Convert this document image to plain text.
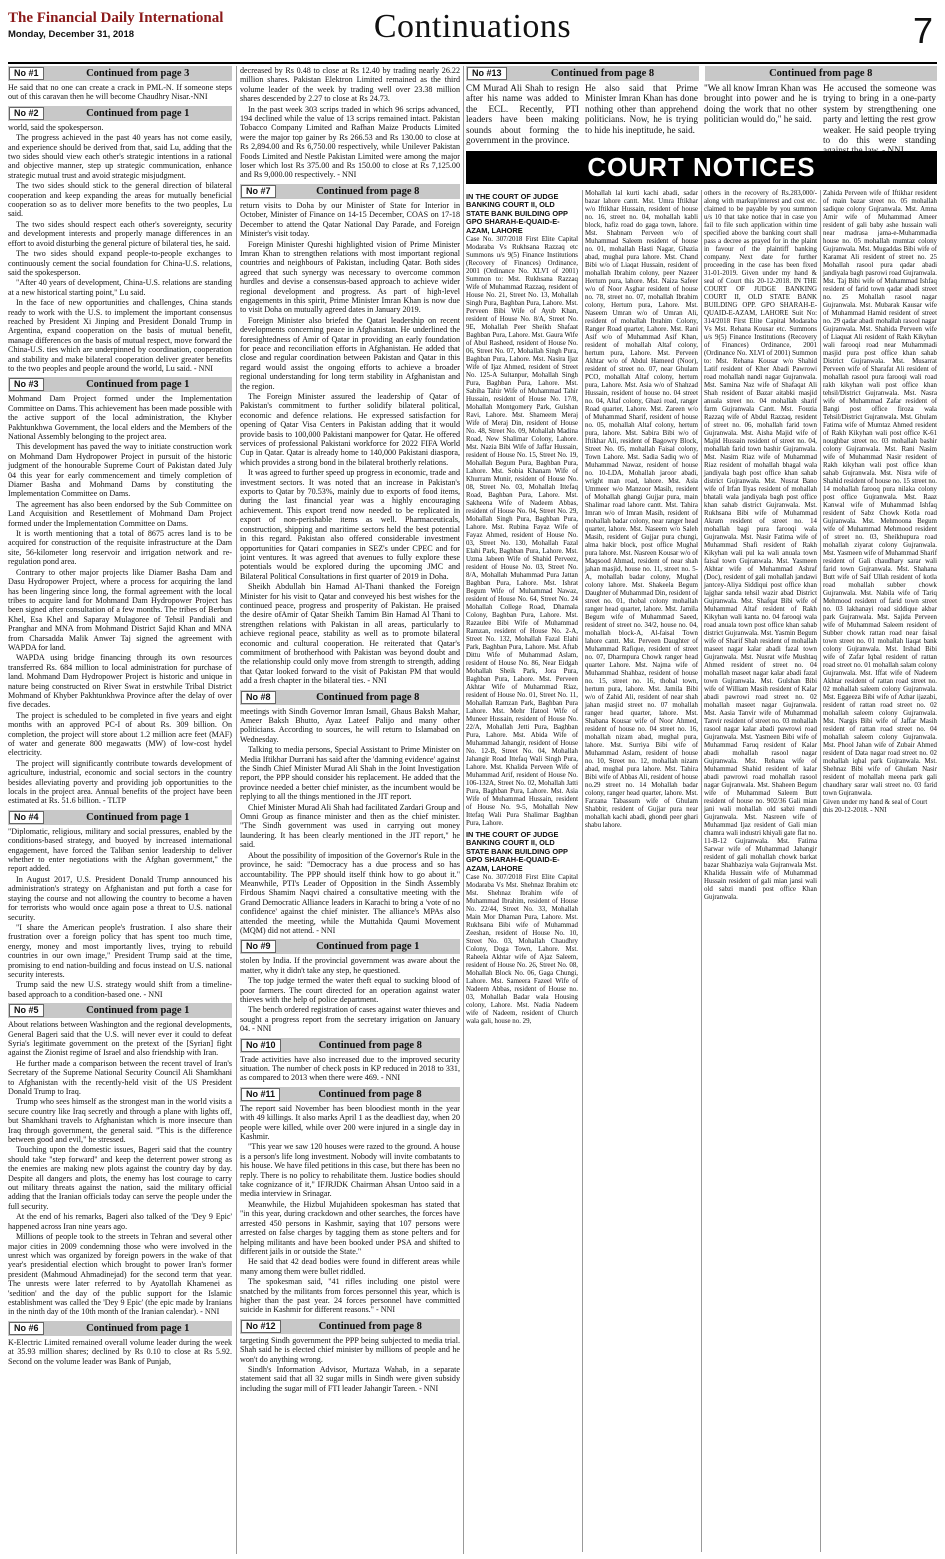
The Financial Daily International
Monday, December 31, 2018	Continuations	7
No #1	Continued from page 3

He said that no one can create a crack in PML-N. If someone steps out of this caravan then he will become Chaudhry Nisar.-NNI

No #2	Continued from page 1

world, said the spokesperson.

The progress achieved in the past 40 years has not come easily, and experience should be derived from that, said Lu, adding that the two sides should view each other's strategic intentions in a rational and objective manner, step up strategic communication, enhance strategic mutual trust and avoid strategic misjudgment.

The two sides should stick to the general direction of bilateral cooperation and keep expanding the areas for mutually beneficial cooperation so as to deliver more benefits to the two peoples, Lu said.

The two sides should respect each other's sovereignty, security and development interests and properly manage differences in an effort to avoid disturbing the general picture of bilateral ties, he said.

The two sides should expand people-to-people exchanges to continuously cement the social foundation for China-U.S. relations, said the spokesperson.

"After 40 years of development, China-U.S. relations are standing at a new historical starting point," Lu said.

In the face of new opportunities and challenges, China stands ready to work with the U.S. to implement the important consensus reached by President Xi Jinping and President Donald Trump in Argentina, expand cooperation on the basis of mutual benefit, manage differences on the basis of mutual respect, move forward the China-U.S. ties which are underpinned by coordination, cooperation and stability and make bilateral cooperation deliver greater benefits to the two peoples and people around the world, Lu said. - NNI

No #3	Continued from page 1

Mohmand Dam Project formed under the Implementation Committee on Dams. This achievement has been made possible with the active support of the local administration, the Khyber Pakhtunkhwa Government, the local elders and the Members of the National Assembly belonging to the project area.

This development has paved the way to initiate construction work on Mohmand Dam Hydropower Project in pursuit of the historic judgment of the honourable Supreme Court of Pakistan dated July 04 this year for early commencement and timely completion of Diamer Basha and Mohmand Dams by constituting the Implementation Committee on Dams.

The agreement has also been endorsed by the Sub Committee on Land Acquisition and Resettlement of Mohmand Dam Project formed under the Implementation Committee on Dams.

It is worth mentioning that a total of 8675 acres land is to be acquired for construction of the requisite infrastructure at the Dam site, 56-kilometer long reservoir and irrigation network and re-regulation pond area.

Contrary to other major projects like Diamer Basha Dam and Dasu Hydropower Project, where a process for acquiring the land has been lingering since long, the formal agreement with the local tribes to acquire land for Mohmand Dam Hydropower Project has been signed after consultation of a few months. The tribes of Berbun Khel, Esa Khel and Saparay Mulagoree of Tehsil Pandiali and Pranghar and MNA from Mohmand District Sajid Khan and MNA from Charsadda Malik Anwer Taj signed the agreement with WAPDA for land.

WAPDA using bridge financing through its own resources transferred Rs. 684 million to local administration for purchase of land. Mohmand Dam Hydropower Project is historic and unique in nature being constructed on River Swat in erstwhile Tribal District Mohmand of Khyber Pakhtunkhwa Province after the delay of over five decades.

The project is scheduled to be completed in five years and eight months with an approved PC-I of about Rs. 309 billion. On completion, the project will store about 1.2 million acre feet (MAF) of water and generate 800 megawatts (MW) of low-cost hydel electricity.

The project will significantly contribute towards development of agriculture, industrial, economic and social sectors in the country besides alleviating poverty and providing job opportunities to the locals in the project area. Annual benefits of the project have been estimated at Rs. 51.6 billion. - TLTP

No #4	Continued from page 1

"Diplomatic, religious, military and social pressures, enabled by the conditions-based strategy, and buoyed by increased international engagement, have forced the Taliban senior leadership to deliver whether to enter negotiations with the Afghan government," the report added.

In August 2017, U.S. President Donald Trump announced his administration's strategy on Afghanistan and put forth a case for staying the course and not allowing the country to become a haven for terrorists who would once again pose a threat to U.S. national security.

"I share the American people's frustration. I also share their frustration over a foreign policy that has spent too much time, energy, money and most importantly lives, trying to rebuild countries in our own image," President Trump said at the time, promising to end nation-building and focus instead on U.S. national security interests.

Trump said the new U.S. strategy would shift from a timeline-based approach to a condition-based one. - NNI

No #5	Continued from page 1

About relations between Washington and the regional developments, General Bageri said that the U.S. will never ever it could to defeat Syria's legitimate government on the pretext of the [Syrian] fight against the Zionist regime of Israel and also friendship with Iran.

He further made a comparison between the recent travel of Iran's Secretary of the Supreme National Security Council Ali Shamkhani to Afghanistan with the recently-held visit of the US President Donald Trump to Iraq.

Trump who sees himself as the strongest man in the world visits a secure country like Iraq secretly and through a plane with lights off, but Shamkhani travels to Afghanistan which is more insecure than Iraq through government, the general said. "This is the difference between good and evil," he stressed.

Touching upon the domestic issues, Bageri said that the country should take "step forward" and keep the deterrent power strong as the enemies are making new plots against the country day by day. Despite all dangers and plots, the enemy has lost courage to carry out military threats against the nation, said the military official adding that the Iranian officials today can serve the people under the full security.

At the end of his remarks, Bageri also talked of the 'Dey 9 Epic' happened across Iran nine years ago.

Millions of people took to the streets in Tehran and several other major cities in 2009 condemning those who were involved in the unrest which was organized by foreign powers in the wake of that year's presidential election which brought to power Iran's former president (Mahmoud Ahmadinejad) for the second term that year. The unrests were later referred to by Ayatollah Khamenei as 'sedition' and the day of the public support for the Islamic establishment was called the 'Dey 9 Epic' (the epic made by Iranians in the ninth day of the 10th month of the Iranian calendar). - NNI

No #6	Continued from page 1

K-Electric Limited remained overall volume leader during the week at 35.93 million shares; declined by Rs 0.10 to close at Rs 5.92. Second on the volume leader was Bank of Punjab,

decreased by Rs 0.48 to close at Rs 12.40 by trading nearly 26.22 million shares. Pakistan Elektron Limited remained as the third volume leader of the week by trading well over 23.38 million shares descended by 2.27 to close at Rs 24.73.

In the past week 303 scrips traded in which 96 scrips advanced, 194 declined while the value of 13 scrips remained intact. Pakistan Tobacco Company Limited and Rafhan Maize Products Limited were the major top gainer by Rs 266.53 and Rs 130.00 to close at Rs 2,894.00 and Rs 6,750.00 respectively, while Unilever Pakistan Foods Limited and Nestle Pakistan Limited were among the major loser which lost Rs 375.00 and Rs 150.00 to close at Rs 7,125.00 and Rs 9,000.00 respectively. - NNI

No #7	Continued from page 8

return visits to Doha by our Minister of State for Interior in October, Minister of Finance on 14-15 December, COAS on 17-18 December to attend the Qatar National Day Parade, and Foreign Minister's visit today.

Foreign Minister Qureshi highlighted vision of Prime Minister Imran Khan to strengthen relations with most important regional countries and neighbours of Pakistan, including Qatar. Both sides agreed that such synergy was necessary to overcome common hurdles and devise a consensus-based approach to achieve wider regional development and progress. As part of high-level engagements in this spirit, Prime Minister Imran Khan is now due to visit Doha on mutually agreed dates in January 2019.

Foreign Minister also briefed the Qatari leadership on recent developments concerning peace in Afghanistan. He underlined the foresightedness of Amir of Qatar in providing an early foundation for peace and reconciliation efforts in Afghanistan. He added that close and regular coordination between Pakistan and Qatar in this regard would assist the ongoing efforts to achieve a broader regional understanding for long term stability in Afghanistan and the region.

The Foreign Minister assured the leadership of Qatar of Pakistan's commitment to further solidify bilateral political, economic and defence relations. He expressed satisfaction for opening of Qatar Visa Centers in Pakistan adding that it would provide basis to 100,000 Pakistani manpower for Qatar. He offered services of professional Pakistani workforce for 2022 FIFA World Cup in Qatar. Qatar is already home to 140,000 Pakistani diaspora, which provides a strong bond in the bilateral brotherly relations.

It was agreed to further speed up progress in economic, trade and investment sectors. It was noted that an increase in Pakistan's exports to Qatar by 70.53%, mainly due to exports of food items, during the last financial year was a highly encouraging achievement. This export trend now needed to be replicated in export of non-perishable items as well. Pharmaceuticals, construction, shipping and maritime sectors held the best potential in this regard. Pakistan also offered considerable investment opportunities for Qatari companies in SEZ's under CPEC and for joint ventures. It was agreed that avenues to fully explore these potentials would be explored during the upcoming JMC and Bilateral Political Consultations in first quarter of 2019 in Doha.

Sheikh Abdullah bin Hamad Al-Thani thanked the Foreign Minister for his visit to Qatar and conveyed his best wishes for the continued peace, progress and prosperity of Pakistan. He praised the desire ofAmir of Qatar Sheikh Tamim Bin Hamad Al Thani to strengthen relations with Pakistan in all areas, particularly to achieve regional peace, stability as well as to promote bilateral economic and cultural cooperation. He reiterated that Qatar's commitment of brotherhood with Pakistan was beyond doubt and the relationship could only move from strength to strength, adding that Qatar looked forward to the visit of Pakistan PM that would add a fresh chapter in the bilateral ties. - NNI

No #8	Continued from page 8

meetings with Sindh Governor Imran Ismail, Ghaus Baksh Mahar, Ameer Baksh Bhutto, Ayaz Lateef Palijo and many other politicians. According to sources, he will return to Islamabad on Wednesday.

Talking to media persons, Special Assistant to Prime Minister on Media Iftikhar Durrani has said after the 'damning evidence' against the Sindh Chief Minister Murad Ali Shah in the Joint Investigation report, the PPP should consider his replacement. He added that the province needed a better chief minister, as the incumbent would be replying to all the things mentioned in the JIT report.

Chief Minister Murad Ali Shah had facilitated Zardari Group and Omni Group as finance minister and then as the chief minister. "The Sindh government was used in carrying out money laundering. It has been clearly mentioned in the JIT report," he said.

About the possibility of imposition of the Governor's Rule in the province, he said: "Democracy has a due process and so has accountability. The PPP should itself think how to go about it." Meanwhile, PTI's Leader of Opposition in the Sindh Assembly Firdous Shamim Naqvi chaired a consultative meeting with the Grand Democratic Alliance leaders in Karachi to bring a 'vote of no confidence' against the chief minister. The alliance's MPAs also attended the meeting, while the Muttahida Qaumi Movement (MQM) did not attend. - NNI

No #9	Continued from page 1

stolen by India. If the provincial government was aware about the matter, why it didn't take any step, he questioned.

The top judge termed the water theft equal to sucking blood of poor farmers. The court directed for an operation against water thieves with the help of police department.

The bench ordered registration of cases against water thieves and sought a progress report from the secretary irrigation on January 04. - NNI

No #10	Continued from page 8

Trade activities have also increased due to the improved security situation. The number of check posts in KP reduced in 2018 to 331, as compared to 2013 when there were 469. - NNI

No #11	Continued from page 8

The report said November has been bloodiest month in the year with 49 killings. It also marks April 1 as the deadliest day, when 20 people were killed, while over 200 were injured in a single day in Kashmir.

"This year we saw 120 houses were razed to the ground. A house is a person's life long investment. Nobody will invite combatants to his house. We have filed petitions in this case, but there has been no reply. There is no policy to rehabilitate them. Justice bodies should take cognizance of it," IFJRJDK Chairman Ahsan Untoo said in a media interview in Srinagar.

Meanwhile, the Hizbul Mujahideen spokesman has stated that "in this year, during crackdown and other searches, the forces have arrested 450 persons in Kashmir, saying that 107 persons were arrested on false charges by tagging them as stone pelters and for helping militants and have been booked under PSA and shifted to different jails in or outside the State."

He said that 42 dead bodies were found in different areas while many among them were bullet riddled.

The spokesman said, "41 rifles including one pistol were snatched by the militants from forces personnel this year, which is higher than the past year. 24 forces personnel have committed suicide in Kashmir for different reasons." - NNI

No #12	Continued from page 8

targeting Sindh government the PPP being subjected to media trial. Shah said he is elected chief minister by millions of people and he won't do anything wrong.

Sindh's Information Advisor, Murtaza Wahab, in a separate statement said that all 32 sugar mills in Sindh were given subsidy including the sugar mill of FTI leader Jahangir Tareen. - NNI

No #13	Continued from page 8	Continued from page 8

CM Murad Ali Shah to resign after his name was added to the ECL. Recently, PTI leaders have been making sounds about forming the government in the province.

He also said that Prime Minister Imran Khan has done nothing other than apprehend politicians. Now, he is trying to hide his ineptitude, he said.

"We all know Imran Khan was brought into power and he is doing the work that no other politician would do," he said.

He accused the someone was trying to bring in a one-party system by strengthening one party and letting the rest grow weaker. He said people trying to do this were standing

COURT NOTICES
IN THE COURT OF JUDGE BANKING COURT II, OLD STATE BANK BUILDING OPP GPO SHARAH-E-QUAID-E-AZAM, LAHORE

Case No. 307/2018 First Elite Capital Modaraba Vs Rukhsana Razzaq etc Summons u/s 9(5) Finance Institutions (Recovery of Finances) Ordinance, 2001 (Ordinance No. XLVI of 2001) Summon to: Mst. Rukhsana Razzaq Wife of Muhammad Razzaq, resident of House No. 21, Street No. 13, Mohallah Singh Pura, Baghban Pura, Lahore. Mst. Perveen Bibi Wife of Ayub Khan, resident of House No. 8/A, Street No. 9E, Mohallah Peer Sheikh Shafaat Baghban Pura, Lahore. Mst. Gaura Wife of Abul Rasheed, resident of House No. 06, Street No. 07, Mohallah Singh Pura, Baghban Pura, Lahore. Mst. Nasira Ijaz Wife of Ijaz Ahmed, resident of Street No. 125-A Sultanpur, Mohallah Singh Pura, Baghban Pura, Lahore. Mst. Sabiha Tahir Wife of Muhammad Tahir Hussain, resident of House No. 17/8, Mohallah Montgomery Park, Gulshan Ravi, Lahore. Mst. Shameem Meraj Wife of Meraj Din, resident of House No. 48, Street No. 09, Mohallah Madina Road, New Shalimar Colony, Lahore. Mst. Nazia Bibi Wife of Jaffar Hussain, resident of House No. 15, Street No. 19, Mohallah Begum Pura, Baghban Pura, Lahore. Mst. Sobia Khanam Wife of Khurram Munir, resident of House No. 08, Street No. 03, Mohallah Ittefaq Road, Baghban Pura, Lahore. Mst. Sakheena Wife of Nadeem Abbas, resident of House No. 04, Street No. 29, Mohallah Singh Pura, Baghban Pura, Lahore. Mst. Rubina Fayaz Wife of Fayaz Ahmed, resident of House No. 03, Street No. 130, Mohallah Fazal Elahi Park, Baghban Pura, Lahore. Mst. Uzma Jabeen Wife of Shahid Perveez, resident of House No. 03, Street No. 8/A, Mohallah Muhammad Pura Jattan Baghban Pura, Lahore. Mst. Ishrat Begum Wife of Muhammad Nawaz, resident of House No. 64, Street No. 24 Mohallah College Road, Dhamala Colony, Baghban Pura, Lahore. Mst. Razaulee Bibi Wife of Muhammad Ramzan, resident of House No. 2-A, Street No. 132, Mohallah Fazal Elahi Park, Baghban Pura, Lahore. Mst. Aftab Dittu Wife of Muhammad Aslam, resident of House No. 86, Near Eidgah Mohallah Sheik Park, Jora Pura, Baghban Pura, Lahore. Mst. Perveen Akhtar Wife of Muhammad Riaz, resident of House No. 01, Street No. 11, Mohallah Ramzan Park, Baghban Pura Lahore. Mst. Mehr Ifatool Wife of Muneer Hussain, resident of House No. 22/A, Mohallah Jetti Pura, Baghban Pura, Lahore. Mst. Abida Wife of Muhammad Jahangir, resident of House No. 12-B, Street No. 04, Mohallah Jahangir Road Ittefaq Wali Singh Pura, Lahore. Mst. Khalida Perveen Wife of Muhammad Arif, resident of House No. 106-132A, Street No. 02, Mohallah Jatti Pura, Baghban Pura, Lahore. Mst. Asia Wife of Muhammad Hussain, resident of House No. 9-5, Mohallah New Ittefaq Wali Pura Shalimar Baghban Pura, Lahore.

IN THE COURT OF JUDGE BANKING COURT II, OLD STATE BANK BUILDING OPP GPO SHARAH-E-QUAID-E-AZAM, LAHORE

Case No. 307/2018 First Elite Capital Modaraba Vs Mst. Shehnaz Ibrahim etc Mst. Shehnaz Ibrahim wife of Muhammad Ibrahim, resident of House No. 22/44, Street No. 33, Mohallah Main Mor Dhaman Pura, Lahore. Mst. Rukhsana Bibi wife of Muhammad Zeeshan, resident of House No. 10, Street No. 03, Mohallah Chaudhry Colony, Doga Town, Lahore. Mst. Raheela Akhtar wife of Ajaz Saleem, resident of House No. 26, Street No. 08, Mohallah Block No. 06, Gaga Chungi, Lahore. Mst. Sameera Fazeel Wife of Nadeem Abbas, resident of House no. 03, Mohallah Badar wala Housing colony, Lahore. Mst. Nadia Nadeem wife of Nadeem, resident of Church wala gali, house no. 29,

Mohallah lal kurti kachi abadi, sadar bazar lahore cantt. Mst. Umra Iftikhar w/o Iftikhar Hussain, resident of house no. 16, street no. 04, mohallah kabli block, hafiz road do gaga town, lahore. Mst. Shabnam Perveen w/o of Muhammad Saleem resident of house no. 01, mohallah Hasti Nagar, Ghazia abad, mughal pura lahore. Mst. Chand Bibi w/o of Liaqat Hussain, resident of mohallah Ibrahim colony, peer Nazeer Hertum pura, lahore. Mst. Naiza Safeer w/o of Noor Asghar resident of house no. 78, street no. 07, mohallah Ibrahim colony, Hertum pura, Lahore. Mst. Naseem Umran w/o of Umran Ali, resident of mohallah Ibrahim Colony, Ranger Road quarter, Lahore. Mst. Rani Asif w/o of Muhammad Asif Khan, resident of mohallah Altaf colony, hertum pura, Lahore. Mst. Perveen Akhtar w/o of Abdul Hameed (Noor), resident of street no. 07, near Ghulam PCO, mohallah Altaf colony, hertum pura, Lahore. Mst. Asia w/o of Shahzad Hussain, resident of house no. 04 street no. 04, Altaf colony, Ghazi road, ranger Road quarter, Lahore. Mst. Zareen w/o of Muhammad Sharif, resident of house no. 05, mohallah Altaf colony, hertum pura, lahore. Mst. Sabira Bibi w/o of Iftikhar Ali, resident of Bagowry Block, Street No. 05, mohallah Faisal colony, Town Lahore. Mst. Sadia Sadiq w/o of Muhammad Nawaz, resident of house no. 10-LDA, Mohallah jaroor abadi, wright man road, lahore. Mst. Asia Ummeer w/o Manzoor Masih, resident of Mohallah ghangi Gujjar pura, main Shalimar road lahore cantt. Mst. Tahira Imran w/o of Imran Masih, resident of mohallah badar colony, near ranger head quarter, lahore. Mst. Naseem w/o Saleh Masih, resident of Gujjar pura chungi, alma hakir block, post office Mughal pura lahore. Mst. Nasreen Kousar w/o of Maqsood Ahmad, resident of near shah jahan masjid, house no. 11, street no. 5-A, mohallah badar colony, Mughal colony lahore. Mst. Shakeela Begum Daughter of Muhammad Din, resident of street no. 01, thobal colony mohallah ranger head quarter, lahore. Mst. Jamila Begum wife of Muhammad Saeed, resident of street no. 34/2, house no. 04, mohallah block-A, Al-faisal Town lahore cantt. Mst. Perveen Daughter of Muhammad Rafique, resident of street no. 07, Dharmpura Chowk ranger head quarter Lahore. Mst. Najma wife of Muhammad Shahbaz, resident of house no. 15, street no. 16, thobal town, hertum pura, lahore. Mst. Jamila Bibi w/o of Zahid Ali, resident of near shah jahan masjid street no. 07 mohallah ranger head quarter, lahore. Mst. Shabana Kousar wife of Noor Ahmed, resident of house no. 04 street no. 16, mohallah nizam abad, mughal pura, lahore. Mst. Surriya Bibi wife of Muhammad Aslam, resident of house no. 10, Street no. 12, mohallah nizam abad, mughal pura lahore. Mst. Tahira Bibi wife of Abbas Ali, resident of house no.29 street no. 14 Mohallah badar colony, ranger head quarter, lahore. Mst. Farzana Tabassum wife of Ghulam Shabbir, resident of Gujjar pura near mohallah kachi abadi, ghondi peer ghari shabu lahore.

others in the recovery of Rs.283,000/- along with markup/interest and cost etc. claimed to be payable by you summon u/s 10 that take notice that in case you fail to file such application within time specified above the banking court shall pass a decree as prayed for in the plaint in favour of the plaintiff banking company. Next date for further proceeding in the case has been fixed 31-01-2019. Given under my hand & seal of Court this 20-12-2018. IN THE COURT OF JUDGE BANKING COURT II, OLD STATE BANK BUILDING OPP. GPO SHARAH-E-QUAID-E-AZAM, LAHORE Suit No: 314/2018 First Elite Capital Modaraba Vs Mst. Rehana Kousar etc. Summons u/s 9(5) Finance Institutions (Recovery of Finances) Ordinance, 2001 (Ordinance No. XLVI of 2001) Summon to: Mst. Rehana Kousar w/o Shahid Latif resident of Kher Abadi Pawrowi road mohallah nandi nagar Gujranwala. Mst. Samina Naz wife of Shafaqat Ali Shah resident of Bazar aitabki masjid anuala street no. 04 mohallah sharif farm Gujranwala Cantt. Mst. Fouzia Razzaq wife of Abdul Razzaq, resident of street no. 06, mohallah farid town Gujranwala. Mst. Aisha Majid wife of Majid Hussain resident of street no. 04, mohallah farid town bashir Gujranwala. Mst. Nasim Riaz wife of Muhammad Riaz resident of mohallah bhagal wala jandiyala bagh post office khan sahab district Gujranwala. Mst. Nusrat Bano wife of Irfan Ilyas resident of mohallah bhatali wala jandiyala bagh post office khan sahab district Gujranwala. Mst. Rukhsana Bibi wife of Muhammad Akram resident of street no. 14 mohallah bagi pura farooqi wala Gujranwala. Mst. Nasir Fatima wife of Muhammad Shafi resident of Rakh Kikyhan wali pul ka wali anuala town faisal town Gujranwala. Mst. Yasmeen Akhtar wife of Muhammad Ashraf (Doc), resident of gali mohallah jandawi jantcey-Aliya Siddiqui post office khan lajghar sanda tehsil wazir abad District Gujranwala. Mst. Shafqat Bibi wife of Muhammad Altaf resident of Rakh Kikyhan wali kanta no. 04 farooqi wala road anuala town post office khan sahab district Gujranwala. Mst. Yasmin Begum wife of Sharif Shah resident of mohallah maseet nagar kalar abadi fazal town Gujranwala. Mst. Nusrat wife Mushtaq Ahmed resident of street no. 04 mohallah maseet nagar kalar abadi fazal town Gujranwala. Mst. Gulshan Bibi wife of William Masih resident of Kalar abadi pawrowi road street no. 02 mohallah maseet nagar Gujranwala. Mst. Aasia Tanvir wife of Muhammad Tanvir resident of street no. 03 mohallah rasool nagar kalar abadi pawrowi road Gujranwala. Mst. Yasmeen Bibi wife of Muhammad Faruq resident of Kalar abadi mohallah rasool nagar Gujranwala. Mst. Rehana wife of Muhammad Shahid resident of kalar abadi pawrowi road mohallah rasool nagar Gujranwala. Mst. Shaheen Begum wife of Muhammad Saleem Butt resident of house no. 902/36 Gali mian jani wali mohallah old sabzi mandi Gujranwala. Mst. Nasreen wife of Muhammad Ijaz resident of Gali mian chamra wali industri khiyali gate flat no. 11-B-12 Gujranwala. Mst. Fatima Sarwar wife of Muhammad Jahangir resident of gali mohallah chowk barkat bazar Shahbaziya wala Gujranwala Mst. Khalida Hussain wife of Muhammad Hussain resident of gali mian jansi wali old sabzi mandi post office Khan Gujranwala.

Zahida Perveen wife of Iftikhar resident of main bazar street no. 05 mohallah sadique colony Gujranwala. Mst. Amna Amir wife of Muhammad Ameer resident of gali baby ashe hussain wali near madrasa jama-e-Muhammadia house no. 05 mohallah mumtaz colony Gujranwala. Mst. Mugaddas Bibi wife of Karamat Ali resident of street no. 25 Mohallah rasool pura qadar abadi jandiyala bagh pasrowi road Gujranwala. Mst. Taj Bibi wife of Muhammad Ishfaq resident of farid town qadar abadi street no. 25 Mohallah rasool nagar Gujranwala. Mst. Mubarak Kausar wife of Muhammad Hamid resident of street no. 29 qadar abadi mohallah rasool nagar Gujranwala. Mst. Shahida Perveen wife of Liaquat Ali resident of Rakh Kikyhan wali farooqi road near Muhammadi masjid pura post office khan sahab District Gujranwala. Mst. Musarrat Perveen wife of Sharafat Ali resident of mohallah rasool pura farooqi wali road rakh kikyhan wali post office khan tehsil/District Gujranwala. Mst. Nasra wife of Muhammad Zafar resident of Bangi post office firoza wala Tehsil/District Gujranwala. Mst. Ghulam Fatima wife of Mumtaz Ahmed resident of Rakh Kikyhan wali post office K-61 noughbar street no. 03 mohallah bashir colony Gujranwala. Mst. Rani Nasim wife of Muhammad Nasir resident of Rakh kikyhan wali post office khan sahab Gujranwala. Mst. Nisra wife of Shahid resident of house no. 15 street no. 14 mohallah farooq pura nilaka colony post office Gujranwala. Mst. Raaz Kanwal wife of Muhammad Ishfaq resident of Sabz Chowk Kotla road Gujranwala. Mst. Mehmoona Begum wife of Muhammad Mehmood resident of street no. 03, Sheikhupura road mohallah ziyarat colony Gujranwala. Mst. Yasmeen wife of Muhammad Sharif resident of Gali chaudhary sarar wali farid town Gujranwala. Mst. Shahana Butt wife of Saif Ullah resident of kotla road mohallah subber chowk Gujranwala. Mst. Nabila wife of Tariq Mehmood resident of farid town street no. 03 lakhanayi road siddique akbar park Gujranwala. Mst. Sajida Perveen wife of Muhammad Saleem resident of Subber chowk rattan road near faisal town street no. 01 mohallah liaqat bank colony Gujranwala. Mst. Irshad Bibi wife of Zafar Iqbal resident of rattan road street no. 01 mohallah salam colony Gujranwala. Mst. Iffat wife of Nadeem Akhtar resident of rattan road street no. 02 mohallah saleem colony Gujranwala. Mst. Eggeeza Bibi wife of Azhar ijazabi, resident of rattan road street no. 02 mohallah saleem colony Gujranwala. Mst. Nargis Bibi wife of Jaffar Masih resident of rattan road street no. 04 mohallah saleem colony Gujranwala. Mst. Phool Jahan wife of Zubair Ahmed resident of Data nagar road street no. 02 mohallah iqbal park Gujranwala. Mst. Shehnaz Bibi wife of Ghulam Nasir resident of mohallah meena park gali chaudhary sarar wali street no. 03 farid town Gujranwala.

Given under my hand & seal of Court this 20-12-2018. - NNI
